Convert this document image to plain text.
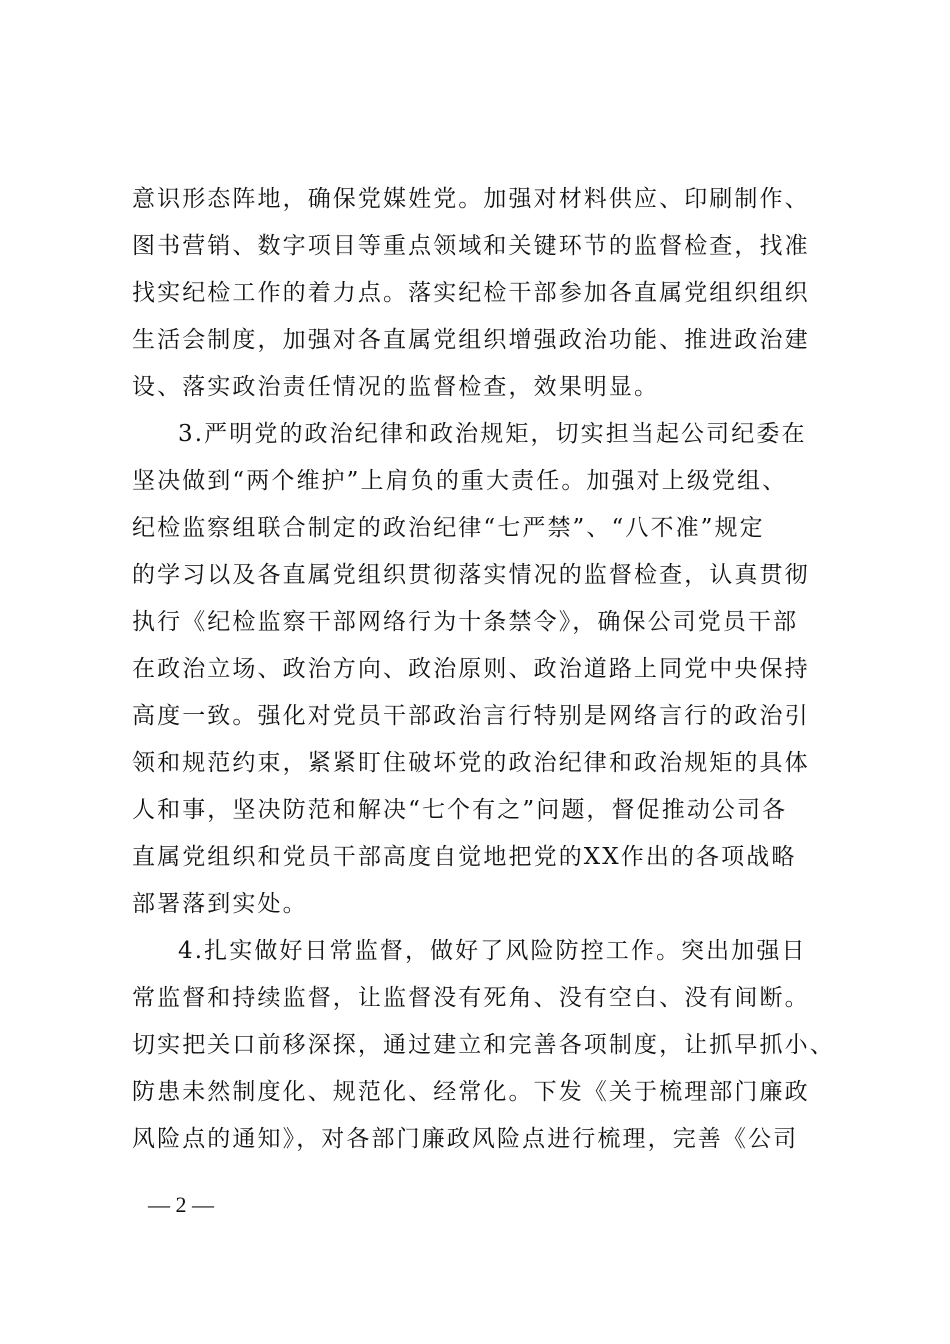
意识形态阵地，确保党媒姓党。加强对材料供应、印刷制作、
图书营销、数字项目等重点领域和关键环节的监督检查，找准
找实纪检工作的着力点。落实纪检干部参加各直属党组织组织
生活会制度，加强对各直属党组织增强政治功能、推进政治建
设、落实政治责任情况的监督检查，效果明显。
3.严明党的政治纪律和政治规矩，切实担当起公司纪委在
坚决做到“两个维护”上肩负的重大责任。加强对上级党组、
纪检监察组联合制定的政治纪律“七严禁”、“八不准”规定
的学习以及各直属党组织贯彻落实情况的监督检查，认真贯彻
执行《纪检监察干部网络行为十条禁令》，确保公司党员干部
在政治立场、政治方向、政治原则、政治道路上同党中央保持
高度一致。强化对党员干部政治言行特别是网络言行的政治引
领和规范约束，紧紧盯住破坏党的政治纪律和政治规矩的具体
人和事，坚决防范和解决“七个有之”问题，督促推动公司各
直属党组织和党员干部高度自觉地把党的XX作出的各项战略
部署落到实处。
4.扎实做好日常监督，做好了风险防控工作。突出加强日
常监督和持续监督，让监督没有死角、没有空白、没有间断。
切实把关口前移深探，通过建立和完善各项制度，让抓早抓小、
防患未然制度化、规范化、经常化。下发《关于梳理部门廉政
风险点的通知》，对各部门廉政风险点进行梳理，完善《公司
— 2 —
